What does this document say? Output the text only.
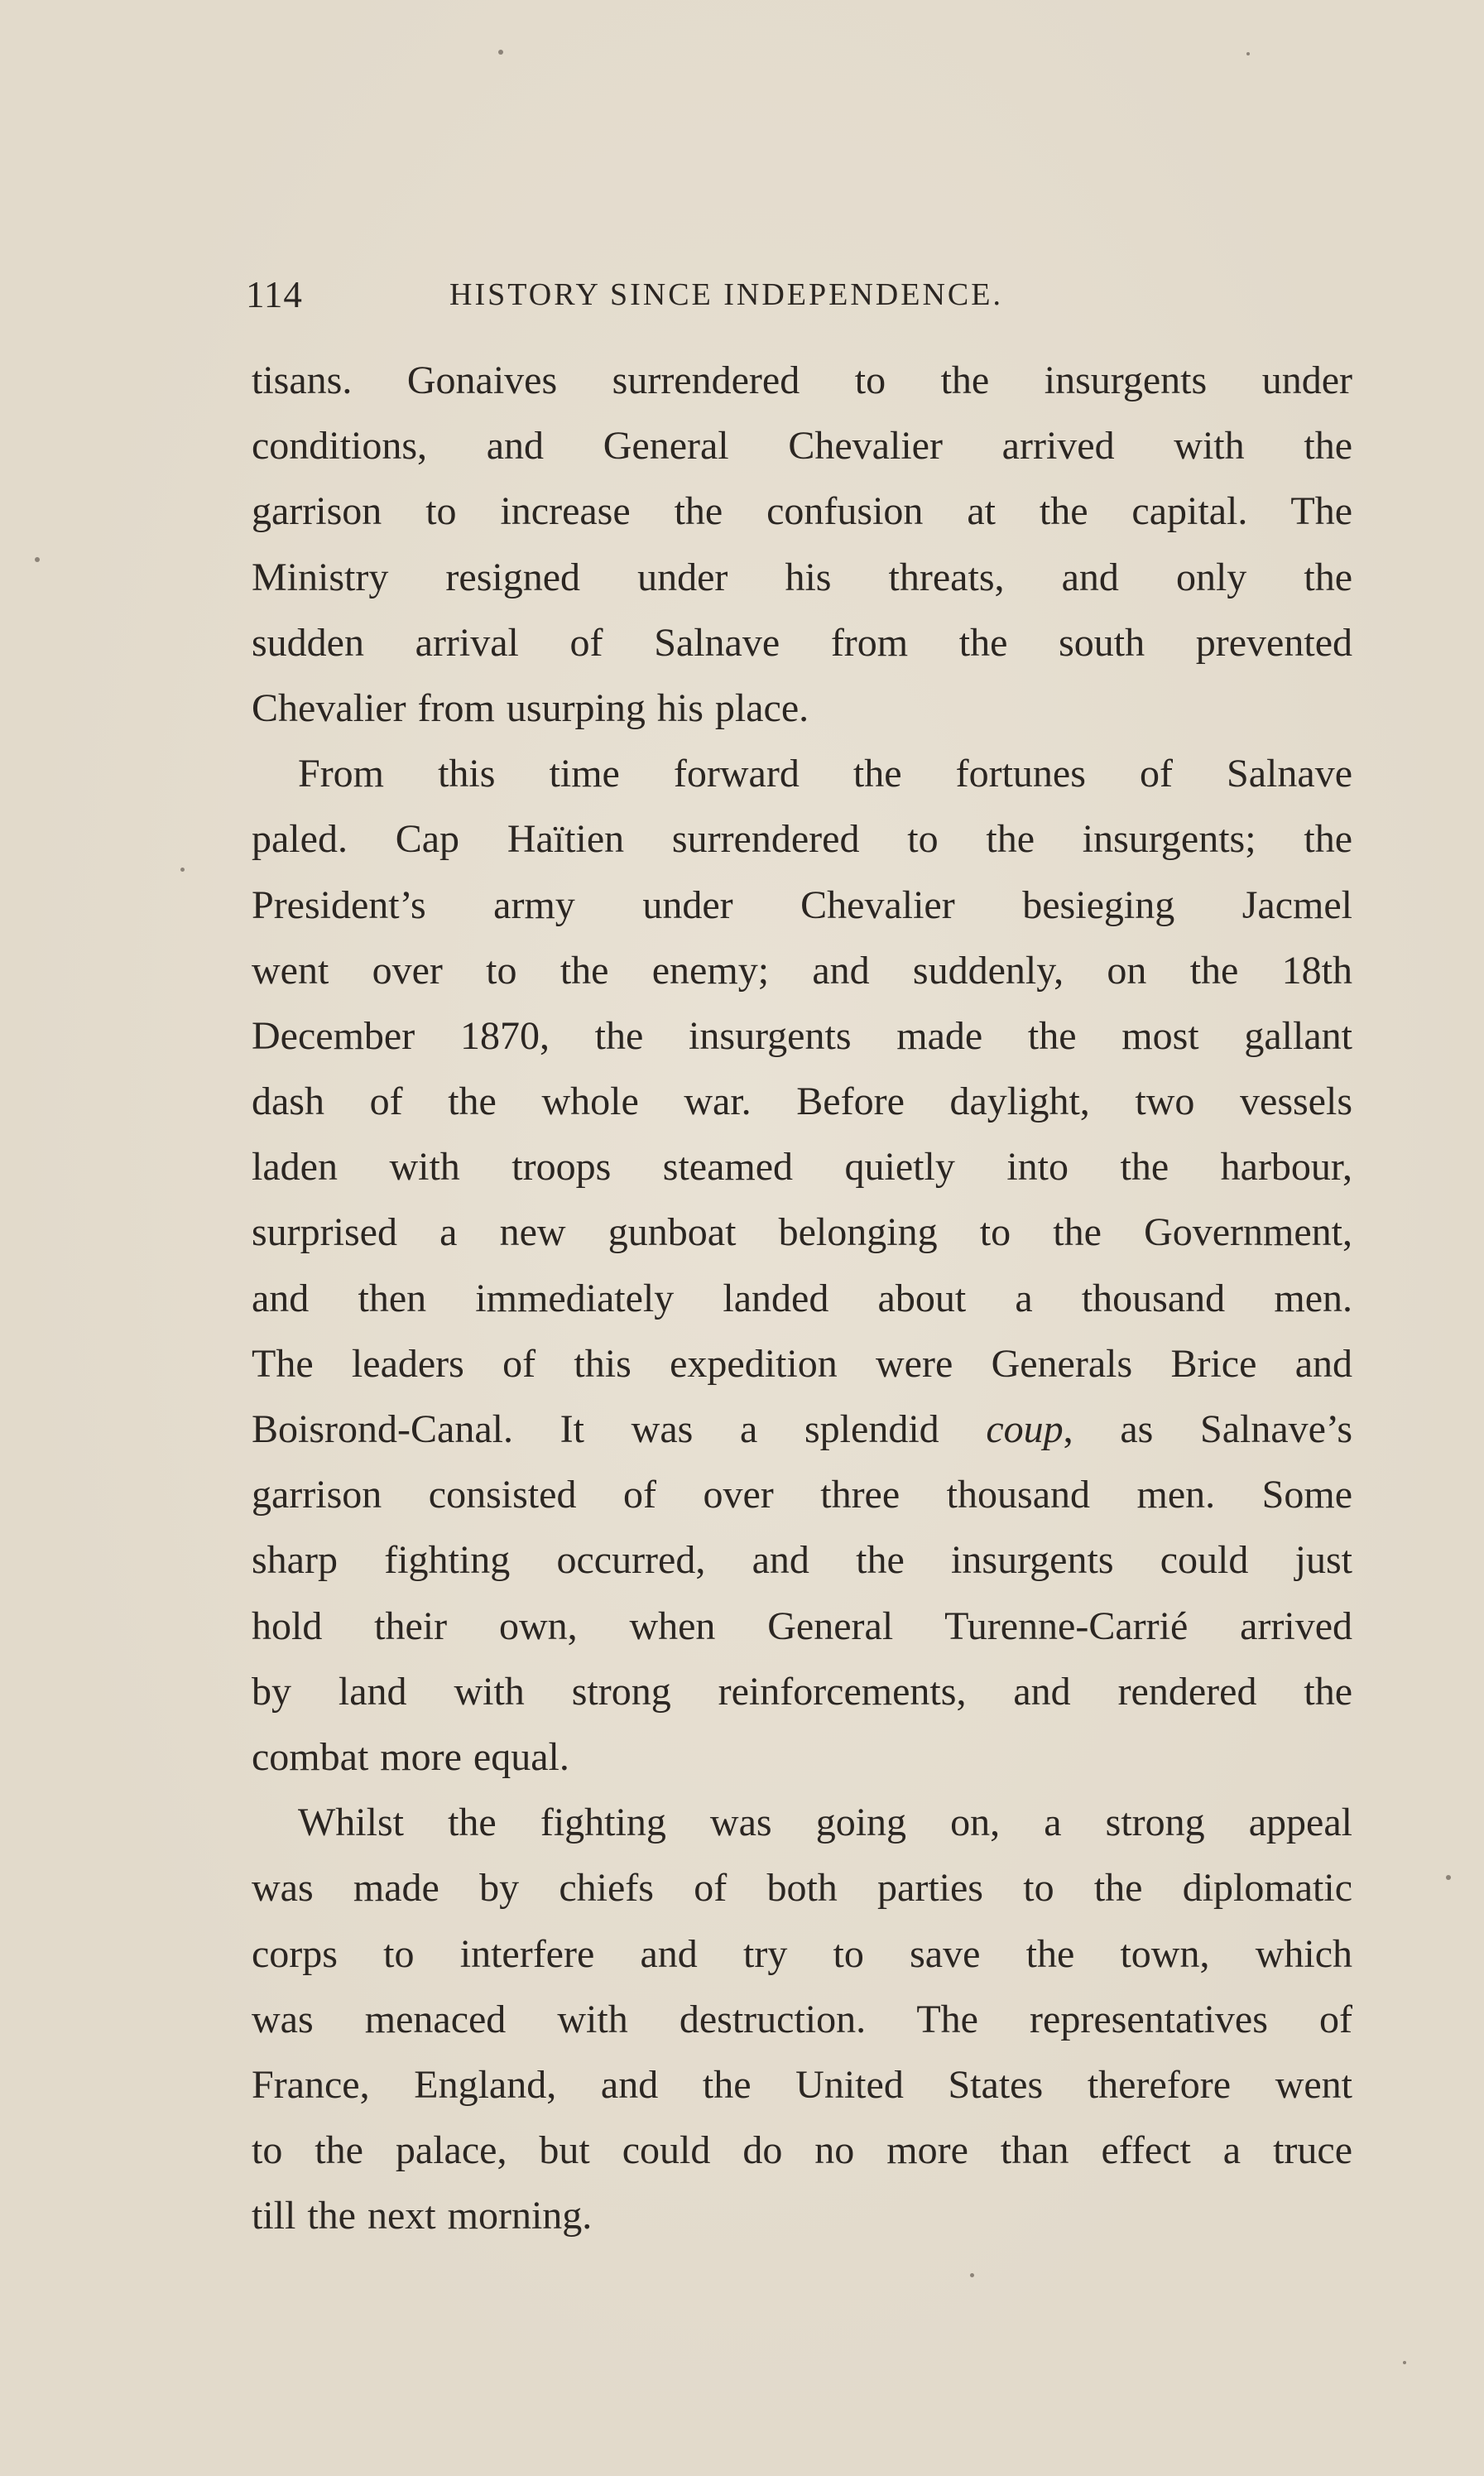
114	HISTORY SINCE INDEPENDENCE.
tisans. Gonaives surrendered to the insurgents under
conditions, and General Chevalier arrived with the
garrison to increase the confusion at the capital. The
Ministry resigned under his threats, and only the
sudden arrival of Salnave from the south prevented
Chevalier from usurping his place.
From this time forward the fortunes of Salnave
paled. Cap Haïtien surrendered to the insurgents; the
President’s army under Chevalier besieging Jacmel
went over to the enemy; and suddenly, on the 18th
December 1870, the insurgents made the most gallant
dash of the whole war. Before daylight, two vessels
laden with troops steamed quietly into the harbour,
surprised a new gunboat belonging to the Government,
and then immediately landed about a thousand men.
The leaders of this expedition were Generals Brice and
Boisrond-Canal. It was a splendid coup, as Salnave’s
garrison consisted of over three thousand men. Some
sharp fighting occurred, and the insurgents could just
hold their own, when General Turenne-Carrié arrived
by land with strong reinforcements, and rendered the
combat more equal.
Whilst the fighting was going on, a strong appeal
was made by chiefs of both parties to the diplomatic
corps to interfere and try to save the town, which
was menaced with destruction. The representatives of
France, England, and the United States therefore went
to the palace, but could do no more than effect a truce
till the next morning.
